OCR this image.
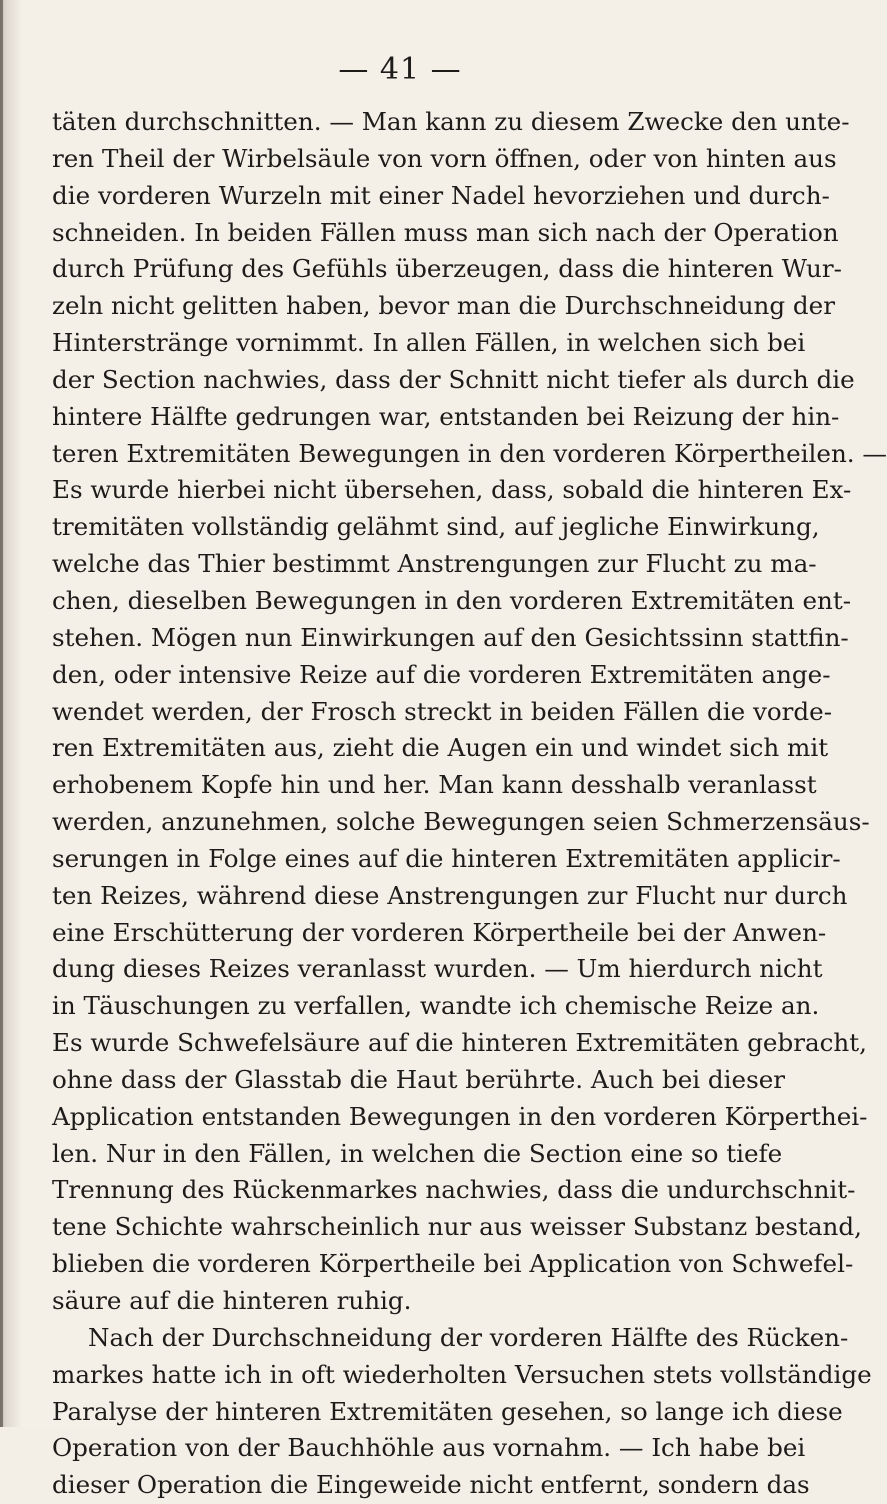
— 41 —
täten durchschnitten. — Man kann zu diesem Zwecke den unte-
ren Theil der Wirbelsäule von vorn öffnen, oder von hinten aus
die vorderen Wurzeln mit einer Nadel hevorziehen und durch-
schneiden. In beiden Fällen muss man sich nach der Operation
durch Prüfung des Gefühls überzeugen, dass die hinteren Wur-
zeln nicht gelitten haben, bevor man die Durchschneidung der
Hinterstränge vornimmt. In allen Fällen, in welchen sich bei
der Section nachwies, dass der Schnitt nicht tiefer als durch die
hintere Hälfte gedrungen war, entstanden bei Reizung der hin-
teren Extremitäten Bewegungen in den vorderen Körpertheilen. —
Es wurde hierbei nicht übersehen, dass, sobald die hinteren Ex-
tremitäten vollständig gelähmt sind, auf jegliche Einwirkung,
welche das Thier bestimmt Anstrengungen zur Flucht zu ma-
chen, dieselben Bewegungen in den vorderen Extremitäten ent-
stehen. Mögen nun Einwirkungen auf den Gesichtssinn stattfin-
den, oder intensive Reize auf die vorderen Extremitäten ange-
wendet werden, der Frosch streckt in beiden Fällen die vorde-
ren Extremitäten aus, zieht die Augen ein und windet sich mit
erhobenem Kopfe hin und her. Man kann desshalb veranlasst
werden, anzunehmen, solche Bewegungen seien Schmerzensäus-
serungen in Folge eines auf die hinteren Extremitäten applicir-
ten Reizes, während diese Anstrengungen zur Flucht nur durch
eine Erschütterung der vorderen Körpertheile bei der Anwen-
dung dieses Reizes veranlasst wurden. — Um hierdurch nicht
in Täuschungen zu verfallen, wandte ich chemische Reize an.
Es wurde Schwefelsäure auf die hinteren Extremitäten gebracht,
ohne dass der Glasstab die Haut berührte. Auch bei dieser
Application entstanden Bewegungen in den vorderen Körperthei-
len. Nur in den Fällen, in welchen die Section eine so tiefe
Trennung des Rückenmarkes nachwies, dass die undurchschnit-
tene Schichte wahrscheinlich nur aus weisser Substanz bestand,
blieben die vorderen Körpertheile bei Application von Schwefel-
säure auf die hinteren ruhig.
Nach der Durchschneidung der vorderen Hälfte des Rücken-
markes hatte ich in oft wiederholten Versuchen stets vollständige
Paralyse der hinteren Extremitäten gesehen, so lange ich diese
Operation von der Bauchhöhle aus vornahm. — Ich habe bei
dieser Operation die Eingeweide nicht entfernt, sondern das
